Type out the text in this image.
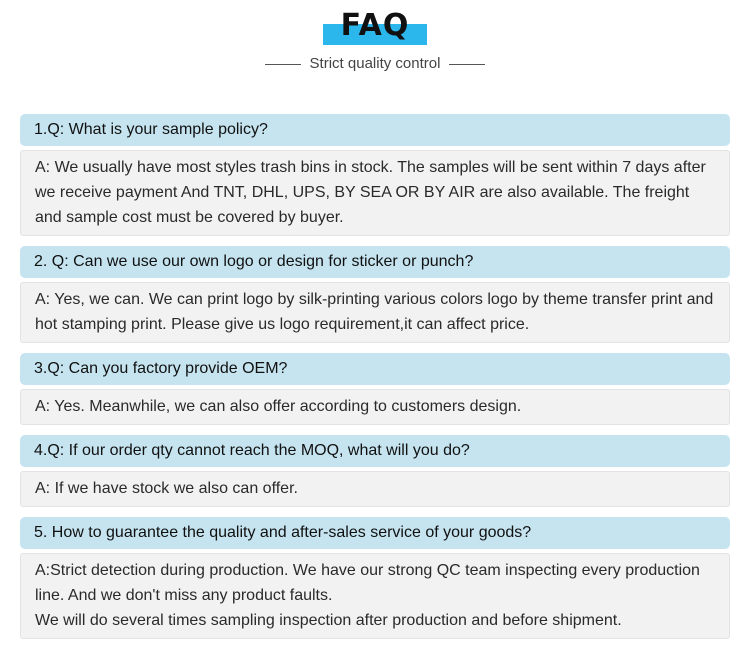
FAQ
Strict quality control
1.Q: What is your sample policy?
A: We usually have most styles trash bins in stock. The samples will be sent within 7 days after
we receive payment And TNT, DHL, UPS, BY SEA OR BY AIR are also available. The freight
and sample cost must be covered by buyer.
2. Q: Can we use our own logo or design for sticker or punch?
A: Yes, we can. We can print logo by silk-printing various colors logo by theme transfer print and
hot stamping print. Please give us logo requirement,it can affect price.
3.Q: Can you factory provide OEM?
A: Yes. Meanwhile, we can also offer according to customers design.
4.Q: If our order qty cannot reach the MOQ, what will you do?
A: If we have stock we also can offer.
5. How to guarantee the quality and after-sales service of your goods?
A:Strict detection during production. We have our strong QC team inspecting every production
line. And we don't miss any product faults.
We will do several times sampling inspection after production and before shipment.
